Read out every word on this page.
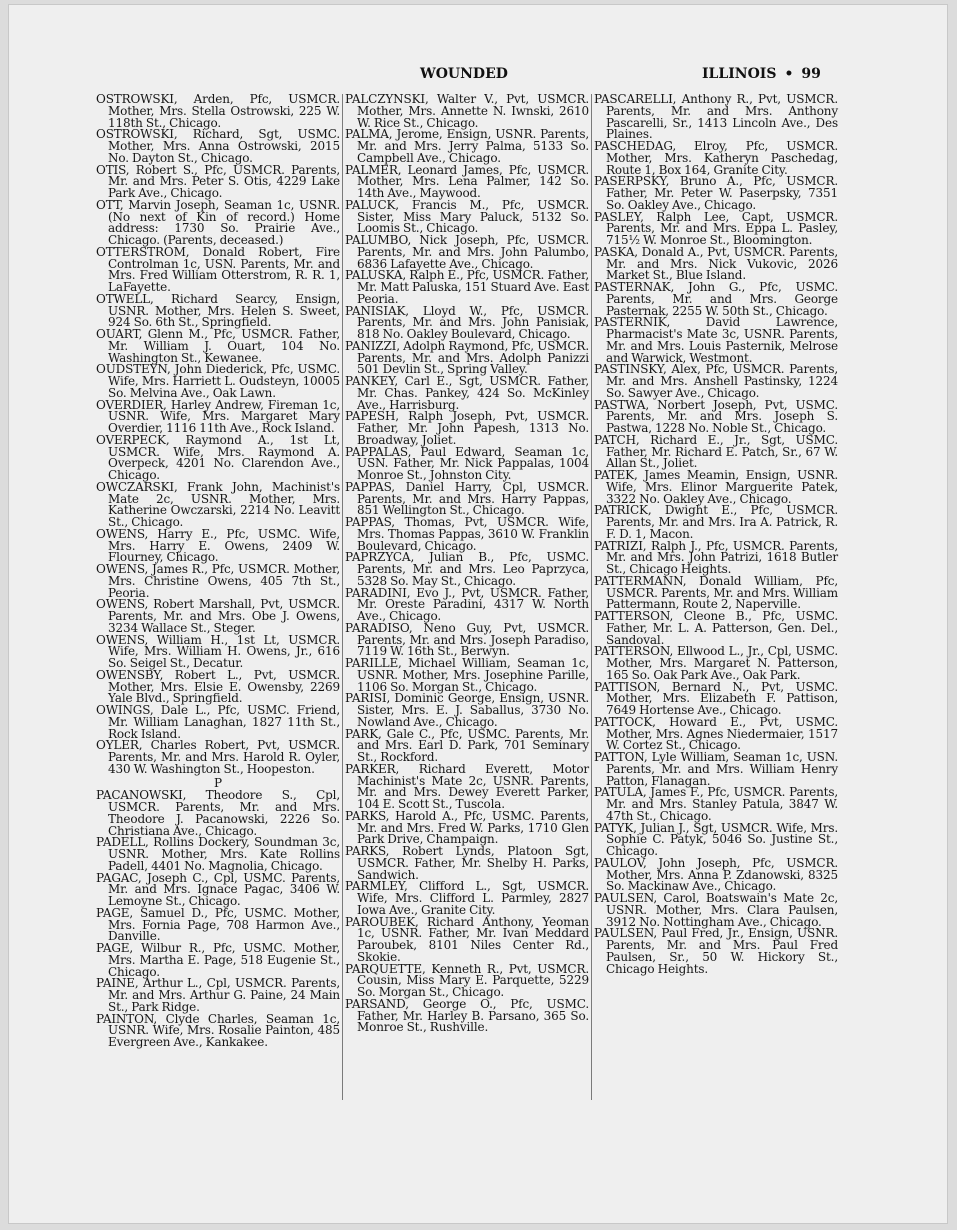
WOUNDED	ILLINOIS • 99

OSTROWSKI, Arden, Pfc, USMCR. Mother, Mrs. Stella Ostrowski, 225 W. 118th St., Chicago.

OSTROWSKI, Richard, Sgt, USMC. Mother, Mrs. Anna Ostrowski, 2015 No. Dayton St., Chicago.

OTIS, Robert S., Pfc, USMCR. Parents, Mr. and Mrs. Peter S. Otis, 4229 Lake Park Ave., Chicago.

OTT, Marvin Joseph, Seaman 1c, USNR. (No next of Kin of record.) Home address: 1730 So. Prairie Ave., Chicago. (Parents, deceased.)

OTTERSTROM, Donald Robert, Fire Controlman 1c, USN. Parents, Mr. and Mrs. Fred William Otterstrom, R. R. 1, LaFayette.

OTWELL, Richard Searcy, Ensign, USNR. Mother, Mrs. Helen S. Sweet, 924 So. 6th St., Springfield.

OUART, Glenn M., Pfc, USMCR. Father, Mr. William J. Ouart, 104 No. Washington St., Kewanee.

OUDSTEYN, John Diederick, Pfc, USMC. Wife, Mrs. Harriett L. Oudsteyn, 10005 So. Melvina Ave., Oak Lawn.

OVERDIER, Harley Andrew, Fireman 1c, USNR. Wife, Mrs. Margaret Mary Overdier, 1116 11th Ave., Rock Island.

OVERPECK, Raymond A., 1st Lt, USMCR. Wife, Mrs. Raymond A. Overpeck, 4201 No. Clarendon Ave., Chicago.

OWCZARSKI, Frank John, Machinist's Mate 2c, USNR. Mother, Mrs. Katherine Owczarski, 2214 No. Leavitt St., Chicago.

OWENS, Harry E., Pfc, USMC. Wife, Mrs. Harry E. Owens, 2409 W. Flourney, Chicago.

OWENS, James R., Pfc, USMCR. Mother, Mrs. Christine Owens, 405 7th St., Peoria.

OWENS, Robert Marshall, Pvt, USMCR. Parents, Mr. and Mrs. Obe J. Owens, 3234 Wallace St., Steger.

OWENS, William H., 1st Lt, USMCR. Wife, Mrs. William H. Owens, Jr., 616 So. Seigel St., Decatur.

OWENSBY, Robert L., Pvt, USMCR. Mother, Mrs. Elsie E. Owensby, 2269 Yale Blvd., Springfield.

OWINGS, Dale L., Pfc, USMC. Friend, Mr. William Lanaghan, 1827 11th St., Rock Island.

OYLER, Charles Robert, Pvt, USMCR. Parents, Mr. and Mrs. Harold R. Oyler, 430 W. Washington St., Hoopeston.

P

PACANOWSKI, Theodore S., Cpl, USMCR. Parents, Mr. and Mrs. Theodore J. Pacanowski, 2226 So. Christiana Ave., Chicago.

PADELL, Rollins Dockery, Soundman 3c, USNR. Mother, Mrs. Kate Rollins Padell, 4401 No. Magnolia, Chicago.

PAGAC, Joseph C., Cpl, USMC. Parents, Mr. and Mrs. Ignace Pagac, 3406 W. Lemoyne St., Chicago.

PAGE, Samuel D., Pfc, USMC. Mother, Mrs. Fornia Page, 708 Harmon Ave., Danville.

PAGE, Wilbur R., Pfc, USMC. Mother, Mrs. Martha E. Page, 518 Eugenie St., Chicago.

PAINE, Arthur L., Cpl, USMCR. Parents, Mr. and Mrs. Arthur G. Paine, 24 Main St., Park Ridge.

PAINTON, Clyde Charles, Seaman 1c, USNR. Wife, Mrs. Rosalie Painton, 485 Evergreen Ave., Kankakee.

PALCZYNSKI, Walter V., Pvt, USMCR. Mother, Mrs. Annette N. Iwnski, 2610 W. Rice St., Chicago.

PALMA, Jerome, Ensign, USNR. Parents, Mr. and Mrs. Jerry Palma, 5133 So. Campbell Ave., Chicago.

PALMER, Leonard James, Pfc, USMCR. Mother, Mrs. Lena Palmer, 142 So. 14th Ave., Maywood.

PALUCK, Francis M., Pfc, USMCR. Sister, Miss Mary Paluck, 5132 So. Loomis St., Chicago.

PALUMBO, Nick Joseph, Pfc, USMCR. Parents, Mr. and Mrs. John Palumbo, 6836 Lafayette Ave., Chicago.

PALUSKA, Ralph E., Pfc, USMCR. Father, Mr. Matt Paluska, 151 Stuard Ave. East Peoria.

PANISIAK, Lloyd W., Pfc, USMCR. Parents, Mr. and Mrs. John Panisiak, 818 No. Oakley Boulevard, Chicago.

PANIZZI, Adolph Raymond, Pfc, USMCR. Parents, Mr. and Mrs. Adolph Panizzi 501 Devlin St., Spring Valley.

PANKEY, Carl E., Sgt, USMCR. Father, Mr. Chas. Pankey, 424 So. McKinley Ave., Harrisburg.

PAPESH, Ralph Joseph, Pvt, USMCR. Father, Mr. John Papesh, 1313 No. Broadway, Joliet.

PAPPALAS, Paul Edward, Seaman 1c, USN. Father, Mr. Nick Pappalas, 1004 Monroe St., Johnston City.

PAPPAS, Daniel Harry, Cpl, USMCR. Parents, Mr. and Mrs. Harry Pappas, 851 Wellington St., Chicago.

PAPPAS, Thomas, Pvt, USMCR. Wife, Mrs. Thomas Pappas, 3610 W. Franklin Boulevard, Chicago.

PAPRZYCA, Julian B., Pfc, USMC. Parents, Mr. and Mrs. Leo Paprzyca, 5328 So. May St., Chicago.

PARADINI, Evo J., Pvt, USMCR. Father, Mr. Oreste Paradini, 4317 W. North Ave., Chicago.

PARADISO, Neno Guy, Pvt, USMCR. Parents, Mr. and Mrs. Joseph Paradiso, 7119 W. 16th St., Berwyn.

PARILLE, Michael William, Seaman 1c, USNR. Mother, Mrs. Josephine Parille, 1106 So. Morgan St., Chicago.

PARISI, Dominic George, Ensign, USNR. Sister, Mrs. E. J. Saballus, 3730 No. Nowland Ave., Chicago.

PARK, Gale C., Pfc, USMC. Parents, Mr. and Mrs. Earl D. Park, 701 Seminary St., Rockford.

PARKER, Richard Everett, Motor Machinist's Mate 2c, USNR. Parents, Mr. and Mrs. Dewey Everett Parker, 104 E. Scott St., Tuscola.

PARKS, Harold A., Pfc, USMC. Parents, Mr. and Mrs. Fred W. Parks, 1710 Glen Park Drive, Champaign.

PARKS, Robert Lynds, Platoon Sgt, USMCR. Father, Mr. Shelby H. Parks, Sandwich.

PARMLEY, Clifford L., Sgt, USMCR. Wife, Mrs. Clifford L. Parmley, 2827 Iowa Ave., Granite City.

PAROUBEK, Richard Anthony, Yeoman 1c, USNR. Father, Mr. Ivan Meddard Paroubek, 8101 Niles Center Rd., Skokie.

PARQUETTE, Kenneth R., Pvt, USMCR. Cousin, Miss Mary E. Parquette, 5229 So. Morgan St., Chicago.

PARSAND, George O., Pfc, USMC. Father, Mr. Harley B. Parsano, 365 So. Monroe St., Rushville.

PASCARELLI, Anthony R., Pvt, USMCR. Parents, Mr. and Mrs. Anthony Pascarelli, Sr., 1413 Lincoln Ave., Des Plaines.

PASCHEDAG, Elroy, Pfc, USMCR. Mother, Mrs. Katheryn Paschedag, Route 1, Box 164, Granite City.

PASERPSKY, Bruno A., Pfc, USMCR. Father, Mr. Peter W. Paserpsky, 7351 So. Oakley Ave., Chicago.

PASLEY, Ralph Lee, Capt, USMCR. Parents, Mr. and Mrs. Eppa L. Pasley, 715½ W. Monroe St., Bloomington.

PASKA, Donald A., Pvt, USMCR. Parents, Mr. and Mrs. Nick Vukovic, 2026 Market St., Blue Island.

PASTERNAK, John G., Pfc, USMC. Parents, Mr. and Mrs. George Pasternak, 2255 W. 50th St., Chicago.

PASTERNIK, David Lawrence, Pharmacist's Mate 3c, USNR. Parents, Mr. and Mrs. Louis Pasternik, Melrose and Warwick, Westmont.

PASTINSKY, Alex, Pfc, USMCR. Parents, Mr. and Mrs. Anshell Pastinsky, 1224 So. Sawyer Ave., Chicago.

PASTWA, Norbert Joseph, Pvt, USMC. Parents, Mr. and Mrs. Joseph S. Pastwa, 1228 No. Noble St., Chicago.

PATCH, Richard E., Jr., Sgt, USMC. Father, Mr. Richard E. Patch, Sr., 67 W. Allan St., Joliet.

PATEK, James Meamin, Ensign, USNR. Wife, Mrs. Elinor Marguerite Patek, 3322 No. Oakley Ave., Chicago.

PATRICK, Dwight E., Pfc, USMCR. Parents, Mr. and Mrs. Ira A. Patrick, R. F. D. 1, Macon.

PATRIZI, Ralph J., Pfc, USMCR. Parents, Mr. and Mrs. John Patrizi, 1618 Butler St., Chicago Heights.

PATTERMANN, Donald William, Pfc, USMCR. Parents, Mr. and Mrs. William Pattermann, Route 2, Naperville.

PATTERSON, Cleone B., Pfc, USMC. Father, Mr. L. A. Patterson, Gen. Del., Sandoval.

PATTERSON, Ellwood L., Jr., Cpl, USMC. Mother, Mrs. Margaret N. Patterson, 165 So. Oak Park Ave., Oak Park.

PATTISON, Bernard N., Pvt, USMC. Mother, Mrs. Elizabeth F. Pattison, 7649 Hortense Ave., Chicago.

PATTOCK, Howard E., Pvt, USMC. Mother, Mrs. Agnes Niedermaier, 1517 W. Cortez St., Chicago.

PATTON, Lyle William, Seaman 1c, USN. Parents, Mr. and Mrs. William Henry Patton, Flanagan.

PATULA, James F., Pfc, USMCR. Parents, Mr. and Mrs. Stanley Patula, 3847 W. 47th St., Chicago.

PATYK, Julian J., Sgt, USMCR. Wife, Mrs. Sophie C. Patyk, 5046 So. Justine St., Chicago.

PAULOV, John Joseph, Pfc, USMCR. Mother, Mrs. Anna P. Zdanowski, 8325 So. Mackinaw Ave., Chicago.

PAULSEN, Carol, Boatswain's Mate 2c, USNR. Mother, Mrs. Clara Paulsen, 3912 No. Nottingham Ave., Chicago.

PAULSEN, Paul Fred, Jr., Ensign, USNR. Parents, Mr. and Mrs. Paul Fred Paulsen, Sr., 50 W. Hickory St., Chicago Heights.
